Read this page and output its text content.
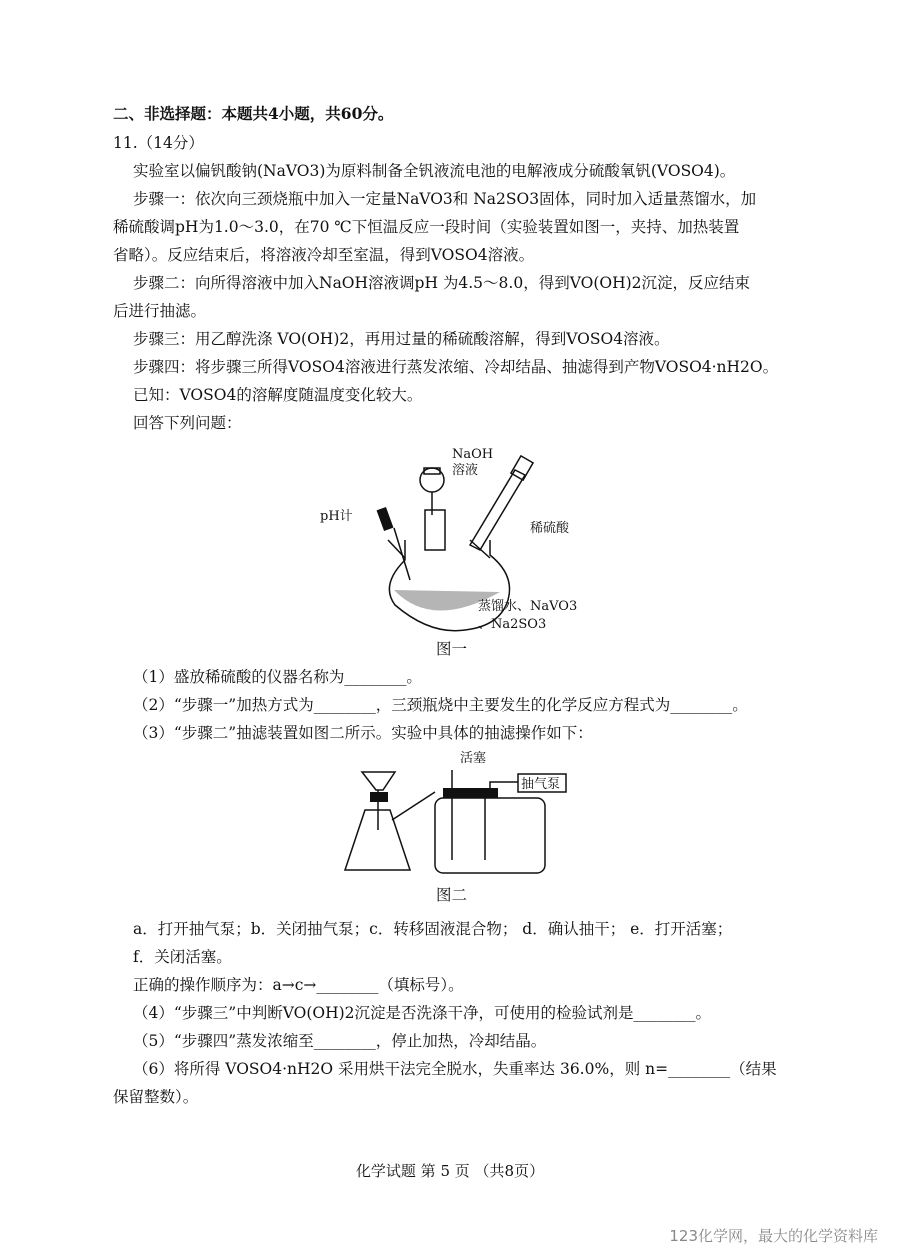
二、非选择题：本题共4小题，共60分。
11.（14分）
实验室以偏钒酸钠(NaVO3)为原料制备全钒液流电池的电解液成分硫酸氧钒(VOSO4)。
步骤一：依次向三颈烧瓶中加入一定量NaVO3和 Na2SO3固体，同时加入适量蒸馏水，加
稀硫酸调pH为1.0～3.0，在70 ℃下恒温反应一段时间（实验装置如图一，夹持、加热装置
省略）。反应结束后，将溶液冷却至室温，得到VOSO4溶液。
步骤二：向所得溶液中加入NaOH溶液调pH 为4.5～8.0，得到VO(OH)2沉淀，反应结束
后进行抽滤。
步骤三：用乙醇洗涤 VO(OH)2，再用过量的稀硫酸溶解，得到VOSO4溶液。
步骤四：将步骤三所得VOSO4溶液进行蒸发浓缩、冷却结晶、抽滤得到产物VOSO4·nH2O。
已知：VOSO4的溶解度随温度变化较大。
回答下列问题：
NaOH
溶液
pH计
稀硫酸
蒸馏水、NaVO3
、Na2SO3
图一
（1）盛放稀硫酸的仪器名称为________。
（2）“步骤一”加热方式为________，三颈瓶烧中主要发生的化学反应方程式为________。
（3）“步骤二”抽滤装置如图二所示。实验中具体的抽滤操作如下：
活塞
抽气泵
图二
a．打开抽气泵；b．关闭抽气泵；c．转移固液混合物； d．确认抽干； e．打开活塞；
f．关闭活塞。
正确的操作顺序为：a→c→________（填标号）。
（4）“步骤三”中判断VO(OH)2沉淀是否洗涤干净，可使用的检验试剂是________。
（5）“步骤四”蒸发浓缩至________，停止加热，冷却结晶。
（6）将所得 VOSO4·nH2O 采用烘干法完全脱水，失重率达 36.0%，则 n=________（结果
保留整数）。
化学试题 第 5 页 （共8页）
123化学网，最大的化学资料库
